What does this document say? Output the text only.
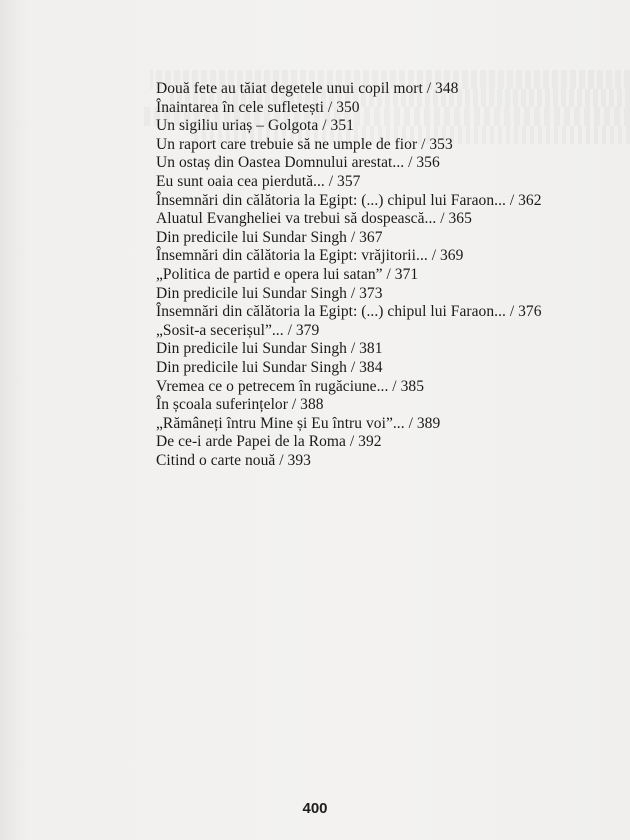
Două fete au tăiat degetele unui copil mort / 348
Înaintarea în cele sufletești / 350
Un sigiliu uriaș – Golgota / 351
Un raport care trebuie să ne umple de fior / 353
Un ostaș din Oastea Domnului arestat... / 356
Eu sunt oaia cea pierdută... / 357
Însemnări din călătoria la Egipt: (...) chipul lui Faraon... / 362
Aluatul Evangheliei va trebui să dospească... / 365
Din predicile lui Sundar Singh / 367
Însemnări din călătoria la Egipt: vrăjitorii... / 369
„Politica de partid e opera lui satan” / 371
Din predicile lui Sundar Singh / 373
Însemnări din călătoria la Egipt: (...) chipul lui Faraon... / 376
„Sosit-a secerișul”... / 379
Din predicile lui Sundar Singh / 381
Din predicile lui Sundar Singh / 384
Vremea ce o petrecem în rugăciune... / 385
În școala suferințelor / 388
„Rămâneți întru Mine și Eu întru voi”... / 389
De ce-i arde Papei de la Roma / 392
Citind o carte nouă / 393
400
